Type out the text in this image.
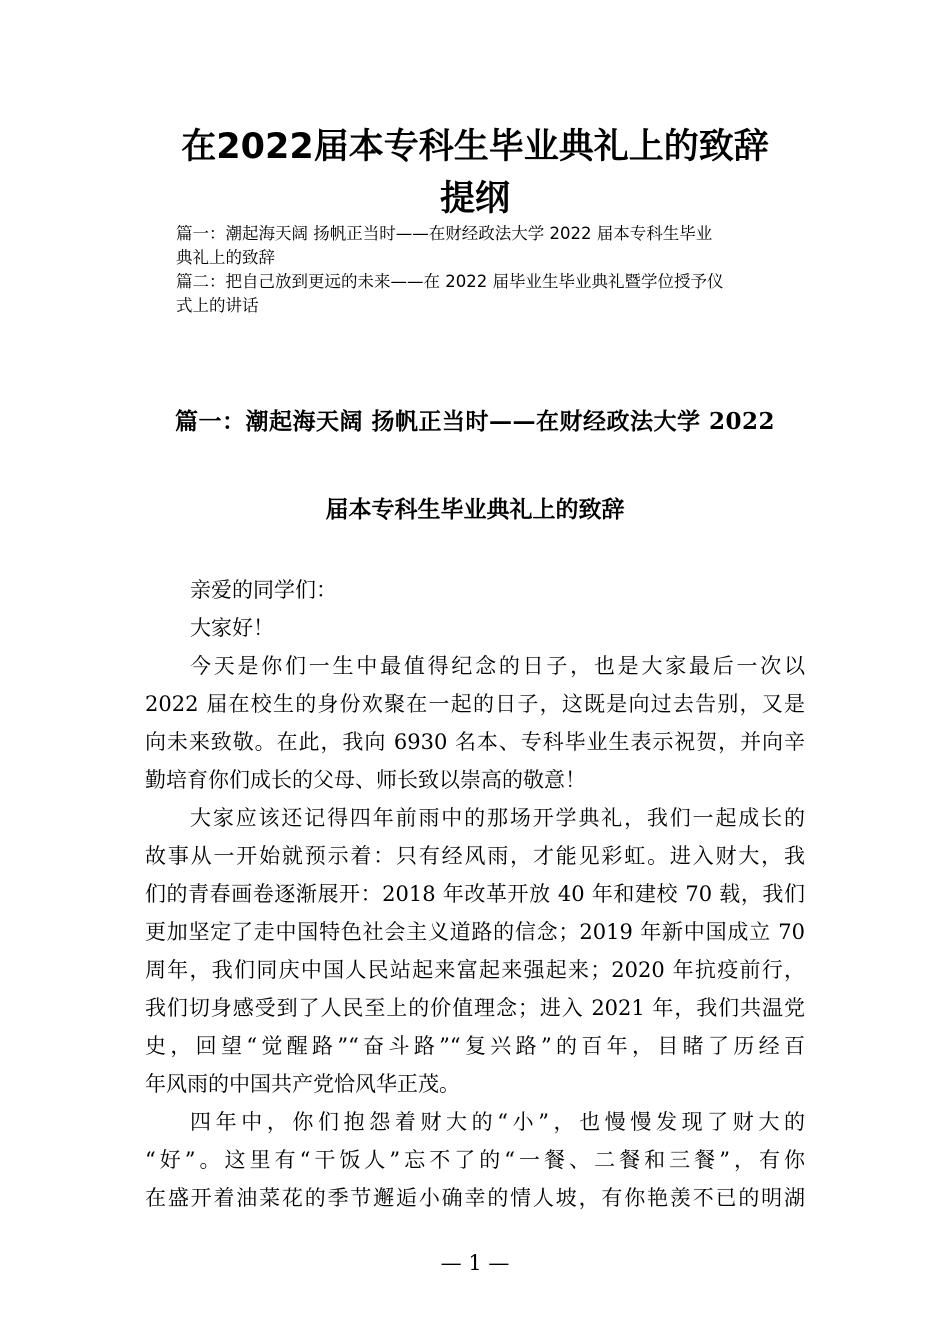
在2022届本专科生毕业典礼上的致辞
提纲
篇一：潮起海天阔 扬帆正当时——在财经政法大学 2022 届本专科生毕业
典礼上的致辞
篇二：把自己放到更远的未来——在 2022 届毕业生毕业典礼暨学位授予仪
式上的讲话
篇一：潮起海天阔 扬帆正当时——在财经政法大学 2022
届本专科生毕业典礼上的致辞
亲爱的同学们：
大家好！
今天是你们一生中最值得纪念的日子，也是大家最后一次以
2022 届在校生的身份欢聚在一起的日子，这既是向过去告别，又是
向未来致敬。在此，我向 6930 名本、专科毕业生表示祝贺，并向辛
勤培育你们成长的父母、师长致以崇高的敬意！
大家应该还记得四年前雨中的那场开学典礼，我们一起成长的
故事从一开始就预示着：只有经风雨，才能见彩虹。进入财大，我
们的青春画卷逐渐展开：2018 年改革开放 40 年和建校 70 载，我们
更加坚定了走中国特色社会主义道路的信念；2019 年新中国成立 70
周年，我们同庆中国人民站起来富起来强起来；2020 年抗疫前行，
我们切身感受到了人民至上的价值理念；进入 2021 年，我们共温党
史，回望“觉醒路”“奋斗路”“复兴路”的百年，目睹了历经百
年风雨的中国共产党恰风华正茂。
四年中，你们抱怨着财大的“小”，也慢慢发现了财大的
“好”。这里有“干饭人”忘不了的“一餐、二餐和三餐”，有你
在盛开着油菜花的季节邂逅小确幸的情人坡，有你艳羡不已的明湖
— 1 —
